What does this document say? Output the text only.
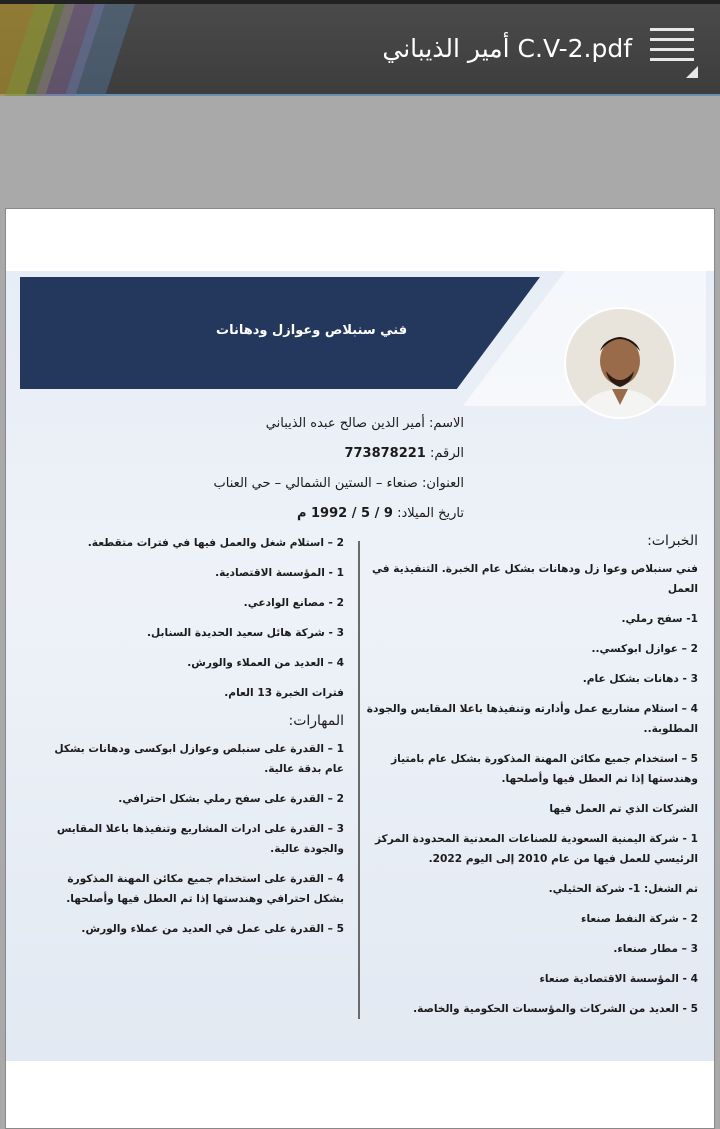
أمير الذيباني C.V-2.pdf
فني سنبلاص وعوازل ودهانات
الاسم: أمير الدين صالح عبده الذيباني
الرقم: 773878221
العنوان: صنعاء – الستين الشمالي – حي العناب
تاريخ الميلاد: 9 / 5 / 1992 م
الخبرات:
فني سنبلاص وعوا زل ودهانات بشكل عام الخبرة. التنفيذية في العمل
1- سفح رملي.
2 – عوازل ابوكسي..
3 - دهانات بشكل عام.
4 – استلام مشاريع عمل وأدارته وتنفيذها باعلا المقايس والجودة المطلوبة..
5 – استخدام جميع مكائن المهنة المذكورة بشكل عام بامتياز وهندستها إذا تم العطل فيها وأصلحها.
الشركات الذي تم العمل فيها
1 - شركة اليمنية السعودية للصناعات المعدنية المحدودة المركز الرئيسي للعمل فيها من عام 2010 إلى اليوم 2022.
تم الشغل: 1- شركة الحثيلي.
2 - شركة النفط صنعاء
3 – مطار صنعاء.
4 - المؤسسة الاقتصادية صنعاء
5 - العديد من الشركات والمؤسسات الحكومية والخاصة.
2 – استلام شغل والعمل فيها في فترات متقطعة.
1 - المؤسسة الاقتصادية.
2 - مصانع الوادعي.
3 - شركة هائل سعيد الحديدة السنابل.
4 – العديد من العملاء والورش.
فترات الخبرة 13 العام.
المهارات:
1 – القدرة على سنبلص وعوازل ابوكسى ودهانات بشكل عام بدقة عالية.
2 – القدرة على سفح رملي بشكل احترافي.
3 – القدرة على ادرات المشاريع وتنفيذها باعلا المقايس والجودة عالية.
4 – القدرة على استخدام جميع مكائن المهنة المذكورة بشكل احترافي وهندستها إذا تم العطل فيها وأصلحها.
5 – القدرة على عمل في العديد من عملاء والورش.
